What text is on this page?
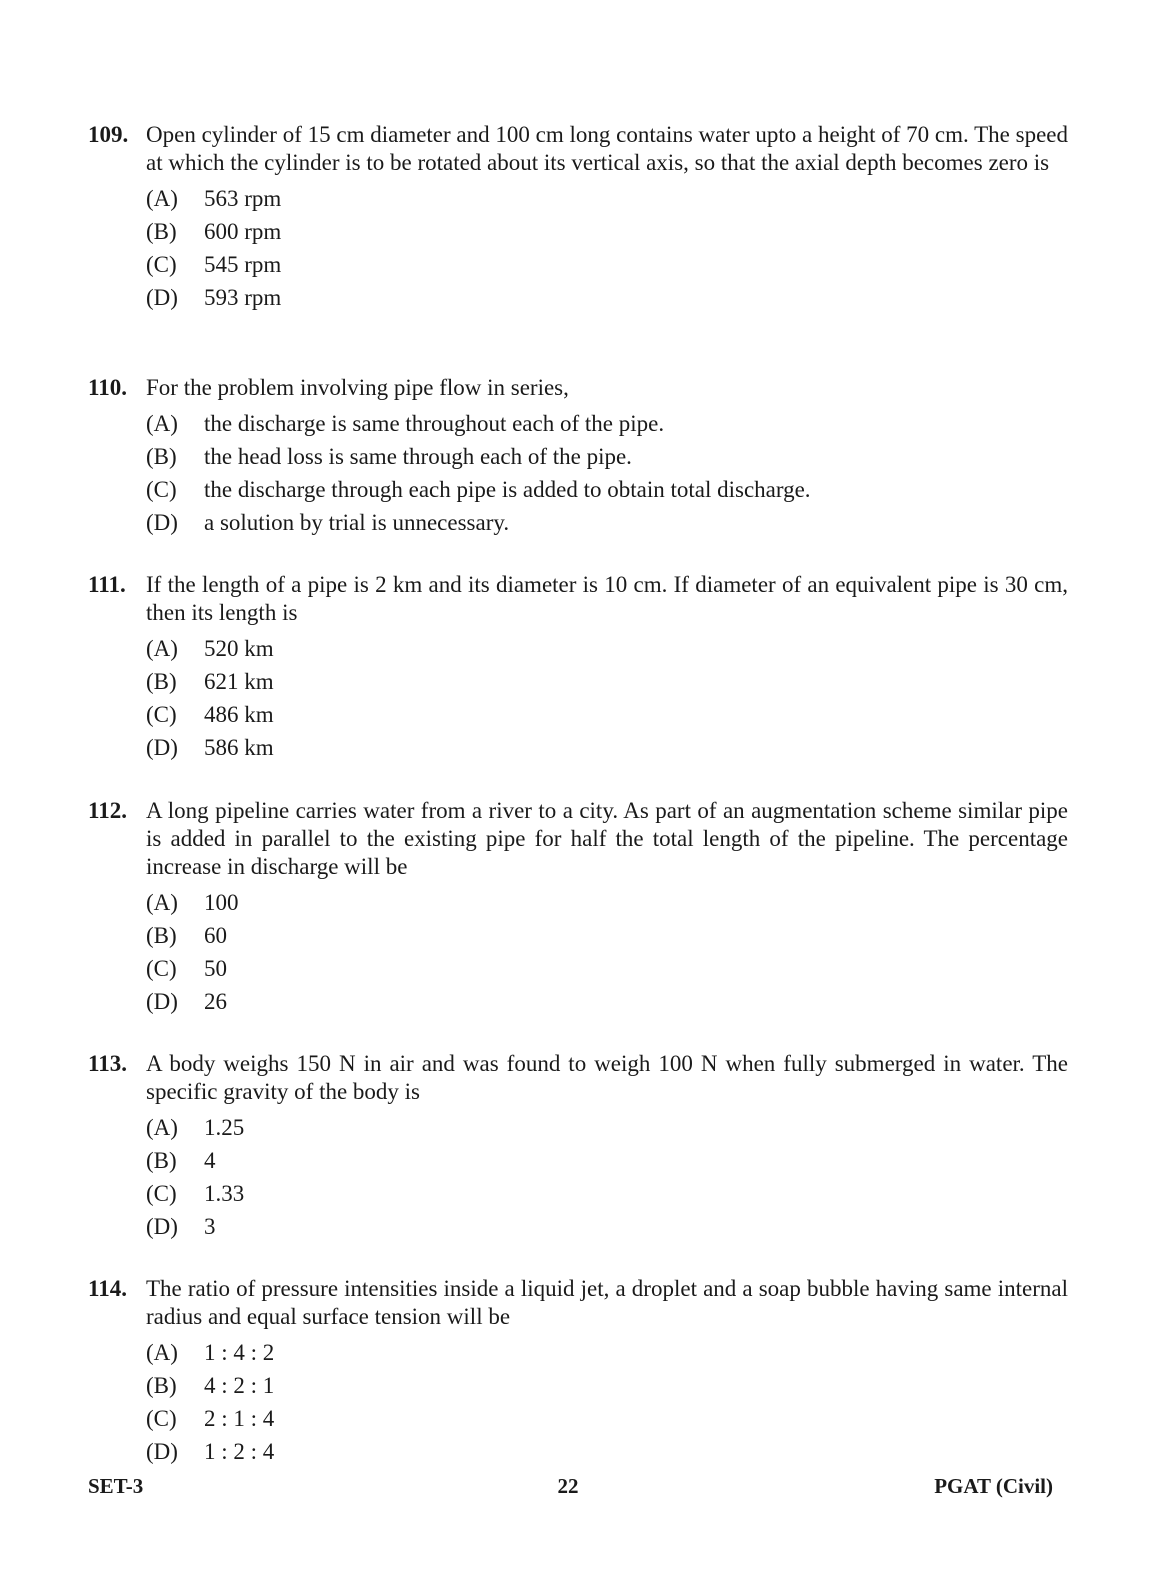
109. Open cylinder of 15 cm diameter and 100 cm long contains water upto a height of 70 cm. The speed at which the cylinder is to be rotated about its vertical axis, so that the axial depth becomes zero is
(A) 563 rpm
(B) 600 rpm
(C) 545 rpm
(D) 593 rpm
110. For the problem involving pipe flow in series,
(A) the discharge is same throughout each of the pipe.
(B) the head loss is same through each of the pipe.
(C) the discharge through each pipe is added to obtain total discharge.
(D) a solution by trial is unnecessary.
111. If the length of a pipe is 2 km and its diameter is 10 cm. If diameter of an equivalent pipe is 30 cm, then its length is
(A) 520 km
(B) 621 km
(C) 486 km
(D) 586 km
112. A long pipeline carries water from a river to a city. As part of an augmentation scheme similar pipe is added in parallel to the existing pipe for half the total length of the pipeline. The percentage increase in discharge will be
(A) 100
(B) 60
(C) 50
(D) 26
113. A body weighs 150 N in air and was found to weigh 100 N when fully submerged in water. The specific gravity of the body is
(A) 1.25
(B) 4
(C) 1.33
(D) 3
114. The ratio of pressure intensities inside a liquid jet, a droplet and a soap bubble having same internal radius and equal surface tension will be
(A) 1 : 4 : 2
(B) 4 : 2 : 1
(C) 2 : 1 : 4
(D) 1 : 2 : 4
SET-3	22	PGAT (Civil)
